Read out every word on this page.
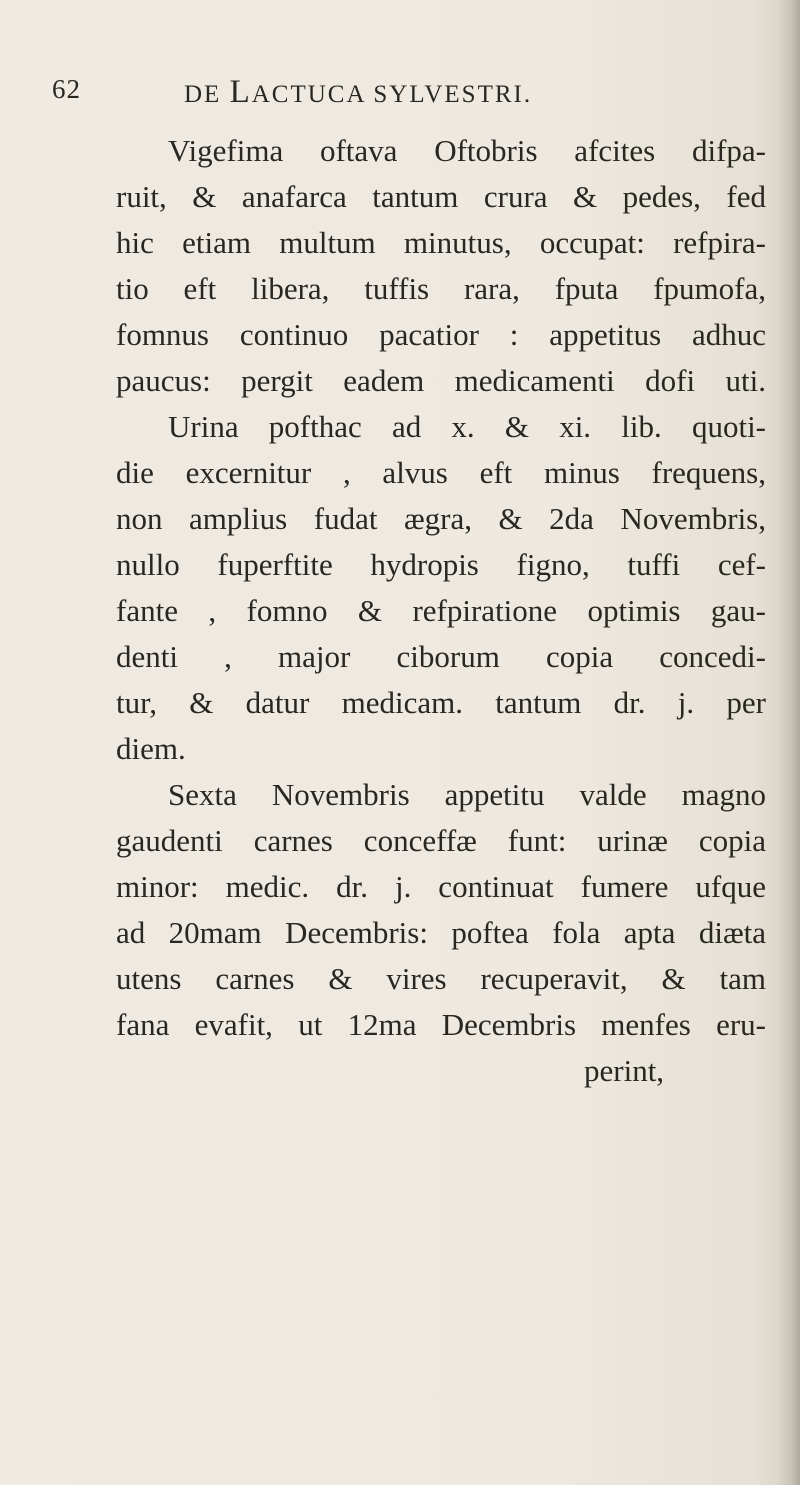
62	DE LACTUCA SYLVESTRI.
Vigefima oftava Oftobris afcites difpa-
ruit, & anafarca tantum crura & pedes, fed
hic etiam multum minutus, occupat: refpira-
tio eft libera, tuffis rara, fputa fpumofa,
fomnus continuo pacatior : appetitus adhuc
paucus: pergit eadem medicamenti dofi uti.
Urina pofthac ad x. & xi. lib. quoti-
die excernitur , alvus eft minus frequens,
non amplius fudat ægra, & 2da Novembris,
nullo fuperftite hydropis figno, tuffi cef-
fante , fomno & refpiratione optimis gau-
denti , major ciborum copia concedi-
tur, & datur medicam. tantum dr. j. per
diem.
Sexta Novembris appetitu valde magno
gaudenti carnes conceffæ funt: urinæ copia
minor: medic. dr. j. continuat fumere ufque
ad 20mam Decembris: poftea fola apta diæta
utens carnes & vires recuperavit, & tam
fana evafit, ut 12ma Decembris menfes eru-
perint,
